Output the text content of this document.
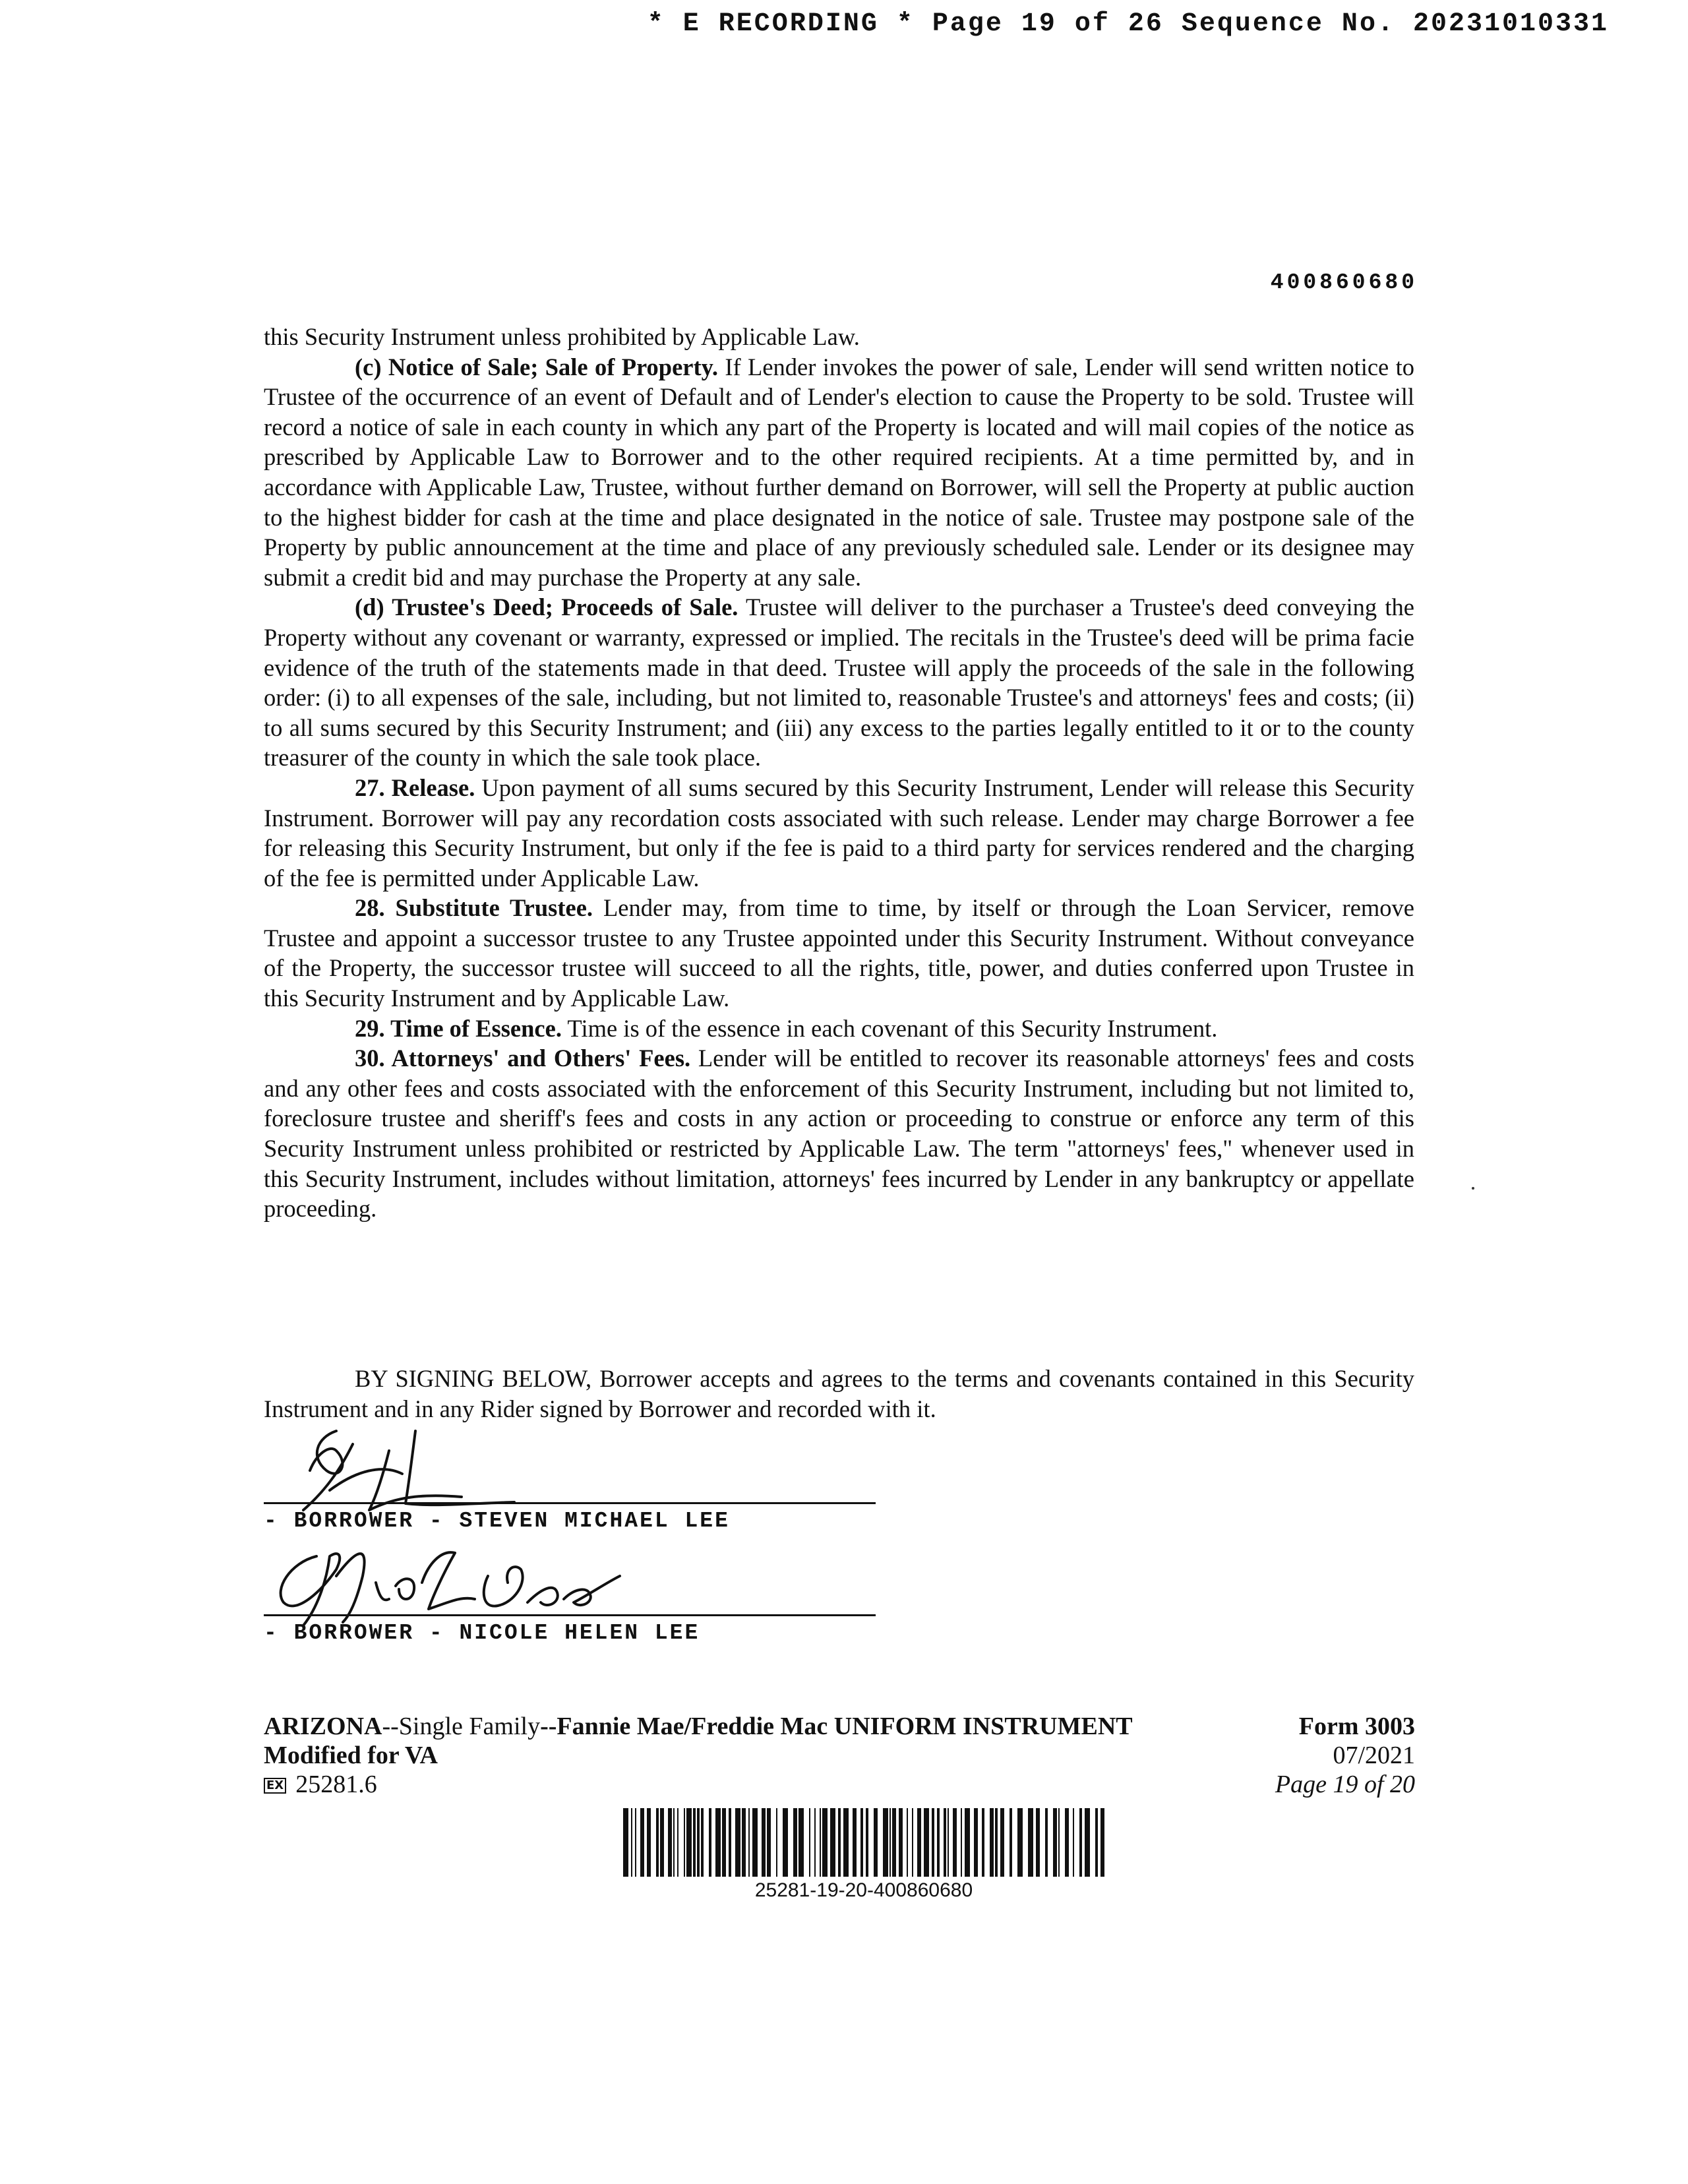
* E RECORDING * Page 19 of 26 Sequence No. 20231010331
400860680

this Security Instrument unless prohibited by Applicable Law.

(c) Notice of Sale; Sale of Property. If Lender invokes the power of sale, Lender will send written notice to Trustee of the occurrence of an event of Default and of Lender's election to cause the Property to be sold. Trustee will record a notice of sale in each county in which any part of the Property is located and will mail copies of the notice as prescribed by Applicable Law to Borrower and to the other required recipients. At a time permitted by, and in accordance with Applicable Law, Trustee, without further demand on Borrower, will sell the Property at public auction to the highest bidder for cash at the time and place designated in the notice of sale. Trustee may postpone sale of the Property by public announcement at the time and place of any previously scheduled sale. Lender or its designee may submit a credit bid and may purchase the Property at any sale.

(d) Trustee's Deed; Proceeds of Sale. Trustee will deliver to the purchaser a Trustee's deed conveying the Property without any covenant or warranty, expressed or implied. The recitals in the Trustee's deed will be prima facie evidence of the truth of the statements made in that deed. Trustee will apply the proceeds of the sale in the following order: (i) to all expenses of the sale, including, but not limited to, reasonable Trustee's and attorneys' fees and costs; (ii) to all sums secured by this Security Instrument; and (iii) any excess to the parties legally entitled to it or to the county treasurer of the county in which the sale took place.

27. Release. Upon payment of all sums secured by this Security Instrument, Lender will release this Security Instrument. Borrower will pay any recordation costs associated with such release. Lender may charge Borrower a fee for releasing this Security Instrument, but only if the fee is paid to a third party for services rendered and the charging of the fee is permitted under Applicable Law.

28. Substitute Trustee. Lender may, from time to time, by itself or through the Loan Servicer, remove Trustee and appoint a successor trustee to any Trustee appointed under this Security Instrument. Without conveyance of the Property, the successor trustee will succeed to all the rights, title, power, and duties conferred upon Trustee in this Security Instrument and by Applicable Law.

29. Time of Essence. Time is of the essence in each covenant of this Security Instrument.

30. Attorneys' and Others' Fees. Lender will be entitled to recover its reasonable attorneys' fees and costs and any other fees and costs associated with the enforcement of this Security Instrument, including but not limited to, foreclosure trustee and sheriff's fees and costs in any action or proceeding to construe or enforce any term of this Security Instrument unless prohibited or restricted by Applicable Law. The term "attorneys' fees," whenever used in this Security Instrument, includes without limitation, attorneys' fees incurred by Lender in any bankruptcy or appellate proceeding.

BY SIGNING BELOW, Borrower accepts and agrees to the terms and covenants contained in this Security Instrument and in any Rider signed by Borrower and recorded with it.

- BORROWER - STEVEN MICHAEL LEE
- BORROWER - NICOLE HELEN LEE
ARIZONA--Single Family--Fannie Mae/Freddie Mac UNIFORM INSTRUMENT
Modified for VA
EX 25281.6
Form 3003
07/2021
Page 19 of 20
25281-19-20-400860680
